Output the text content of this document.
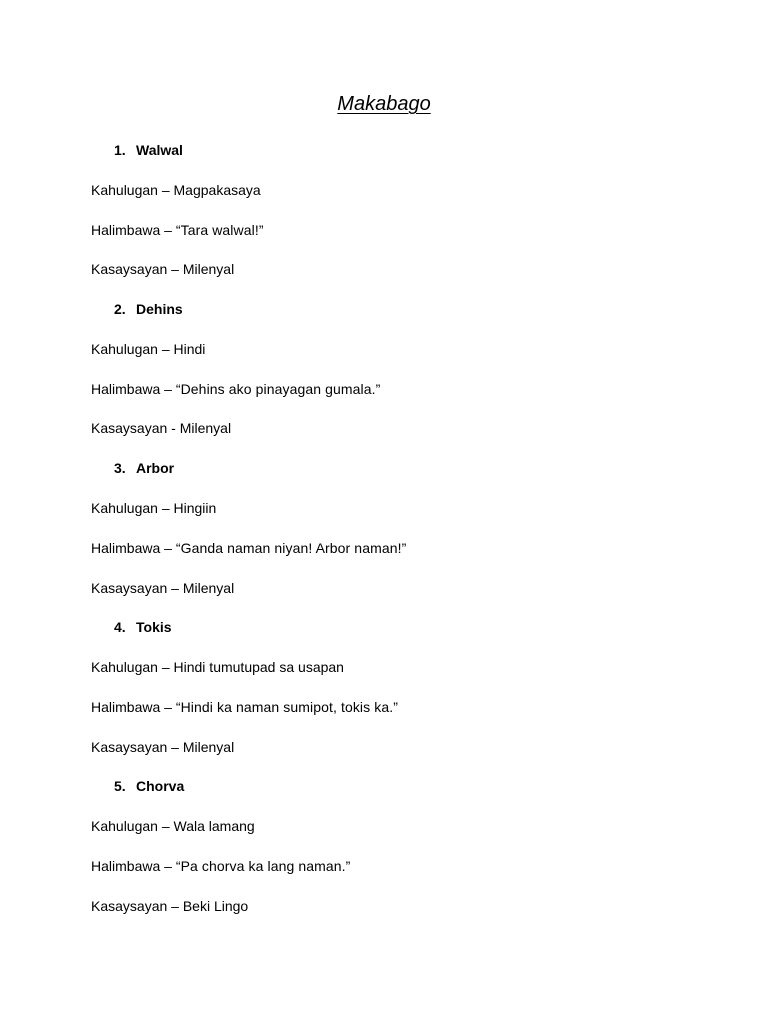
Makabago
1. Walwal
Kahulugan – Magpakasaya
Halimbawa – “Tara walwal!”
Kasaysayan – Milenyal
2. Dehins
Kahulugan – Hindi
Halimbawa – “Dehins ako pinayagan gumala.”
Kasaysayan - Milenyal
3. Arbor
Kahulugan – Hingiin
Halimbawa – “Ganda naman niyan! Arbor naman!”
Kasaysayan – Milenyal
4. Tokis
Kahulugan – Hindi tumutupad sa usapan
Halimbawa – “Hindi ka naman sumipot, tokis ka.”
Kasaysayan – Milenyal
5. Chorva
Kahulugan – Wala lamang
Halimbawa – “Pa chorva ka lang naman.”
Kasaysayan – Beki Lingo
